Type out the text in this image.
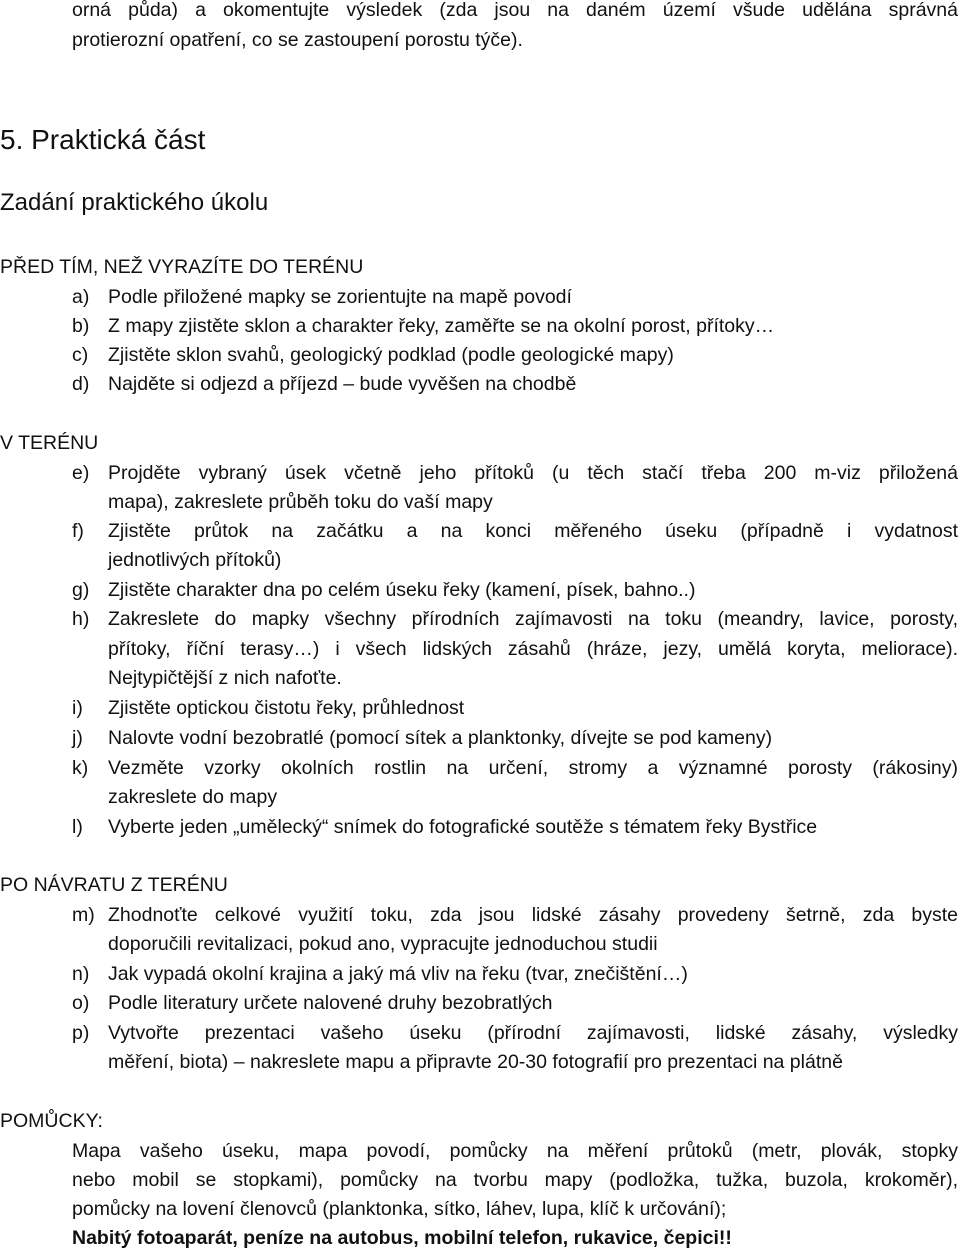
orná půda) a okomentujte výsledek (zda jsou na daném území všude udělána správná

protierozní opatření, co se zastoupení porostu týče).

5. Praktická část
Zadání praktického úkolu

PŘED TÍM, NEŽ VYRAZÍTE DO TERÉNU

a) Podle přiložené mapky se zorientujte na mapě povodí
b) Z mapy zjistěte sklon a charakter řeky, zaměřte se na okolní porost, přítoky…
c) Zjistěte sklon svahů, geologický podklad (podle geologické mapy)
d) Najděte si odjezd a příjezd – bude vyvěšen na chodbě

V TERÉNU

e) Projděte vybraný úsek včetně jeho přítoků (u těch stačí třeba 200 m-viz přiložená
mapa), zakreslete průběh toku do vaší mapy
f) Zjistěte průtok na začátku a na konci měřeného úseku (případně i vydatnost
jednotlivých přítoků)
g) Zjistěte charakter dna po celém úseku řeky (kamení, písek, bahno..)
h) Zakreslete do mapky všechny přírodních zajímavosti na toku (meandry, lavice, porosty,
přítoky, říční terasy…) i všech lidských zásahů (hráze, jezy, umělá koryta, meliorace).
Nejtypičtější z nich nafoťte.
i) Zjistěte optickou čistotu řeky, průhlednost
j) Nalovte vodní bezobratlé (pomocí sítek a planktonky, dívejte se pod kameny)
k) Vezměte vzorky okolních rostlin na určení, stromy a významné porosty (rákosiny)
zakreslete do mapy
l) Vyberte jeden „umělecký“ snímek do fotografické soutěže s tématem řeky Bystřice

PO NÁVRATU Z TERÉNU

m) Zhodnoťte celkové využití toku, zda jsou lidské zásahy provedeny šetrně, zda byste
doporučili revitalizaci, pokud ano, vypracujte jednoduchou studii
n) Jak vypadá okolní krajina a jaký má vliv na řeku (tvar, znečištění…)
o) Podle literatury určete nalovené druhy bezobratlých
p) Vytvořte prezentaci vašeho úseku (přírodní zajímavosti, lidské zásahy, výsledky
měření, biota) – nakreslete mapu a připravte 20-30 fotografií pro prezentaci na plátně

POMŮCKY:

Mapa vašeho úseku, mapa povodí, pomůcky na měření průtoků (metr, plovák, stopky

nebo mobil se stopkami), pomůcky na tvorbu mapy (podložka, tužka, buzola, krokoměr),

pomůcky na lovení členovců (planktonka, sítko, láhev, lupa, klíč k určování);

Nabitý fotoaparát, peníze na autobus, mobilní telefon, rukavice, čepici!!
